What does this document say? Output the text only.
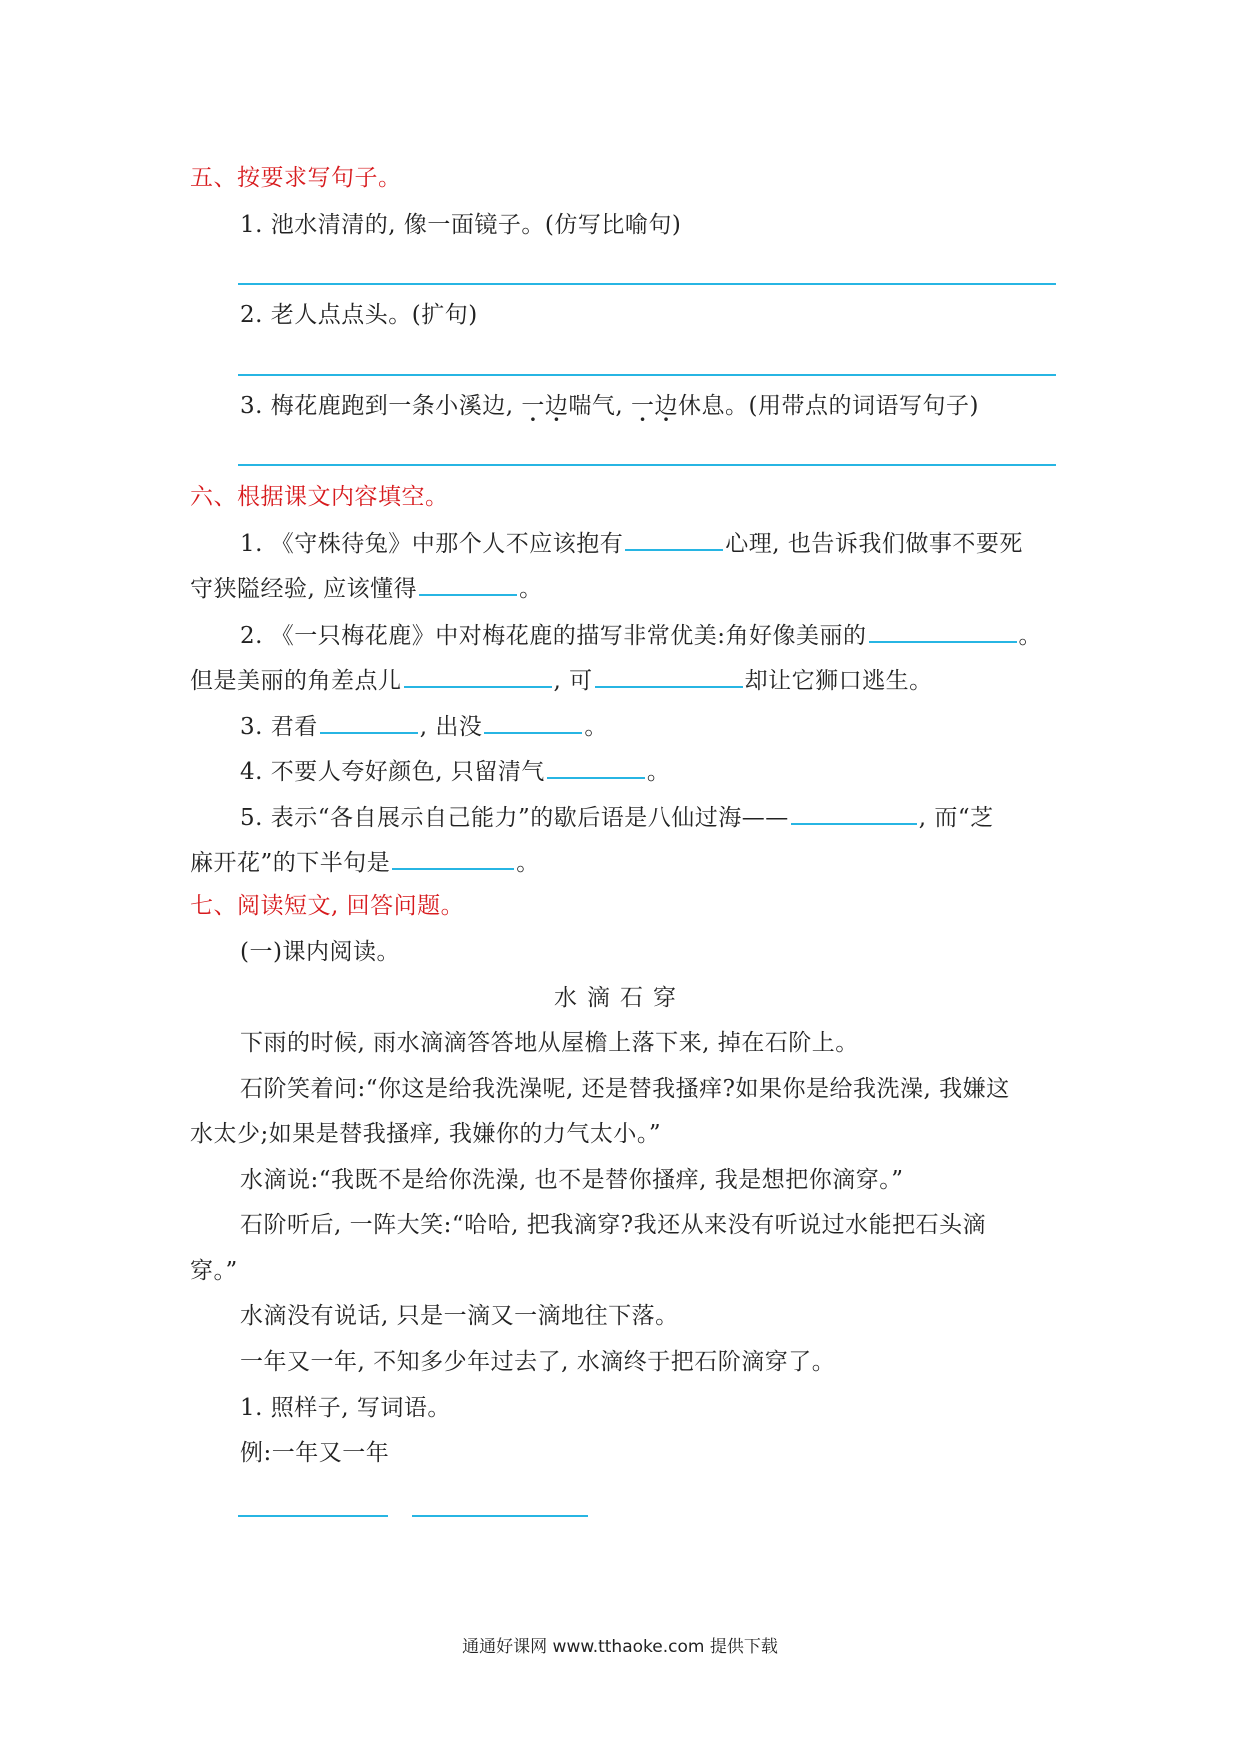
五、按要求写句子。
1. 池水清清的, 像一面镜子。(仿写比喻句)
2. 老人点点头。(扩句)
3. 梅花鹿跑到一条小溪边, 一边喘气, 一边休息。(用带点的词语写句子)
六、根据课文内容填空。
1. 《守株待兔》中那个人不应该抱有	心理, 也告诉我们做事不要死
守狭隘经验, 应该懂得	。
2. 《一只梅花鹿》中对梅花鹿的描写非常优美:角好像美丽的	。
但是美丽的角差点儿	, 可	却让它狮口逃生。
3. 君看	, 出没	。
4. 不要人夸好颜色, 只留清气	。
5. 表示“各自展示自己能力”的歇后语是八仙过海——	, 而“芝
麻开花”的下半句是	。
七、阅读短文, 回答问题。
(一)课内阅读。
水滴石穿
下雨的时候, 雨水滴滴答答地从屋檐上落下来, 掉在石阶上。
石阶笑着问:“你这是给我洗澡呢, 还是替我搔痒?如果你是给我洗澡, 我嫌这
水太少;如果是替我搔痒, 我嫌你的力气太小。”
水滴说:“我既不是给你洗澡, 也不是替你搔痒, 我是想把你滴穿。”
石阶听后, 一阵大笑:“哈哈, 把我滴穿?我还从来没有听说过水能把石头滴
穿。”
水滴没有说话, 只是一滴又一滴地往下落。
一年又一年, 不知多少年过去了, 水滴终于把石阶滴穿了。
1. 照样子, 写词语。
例:一年又一年
通通好课网 www.tthaoke.com 提供下载
